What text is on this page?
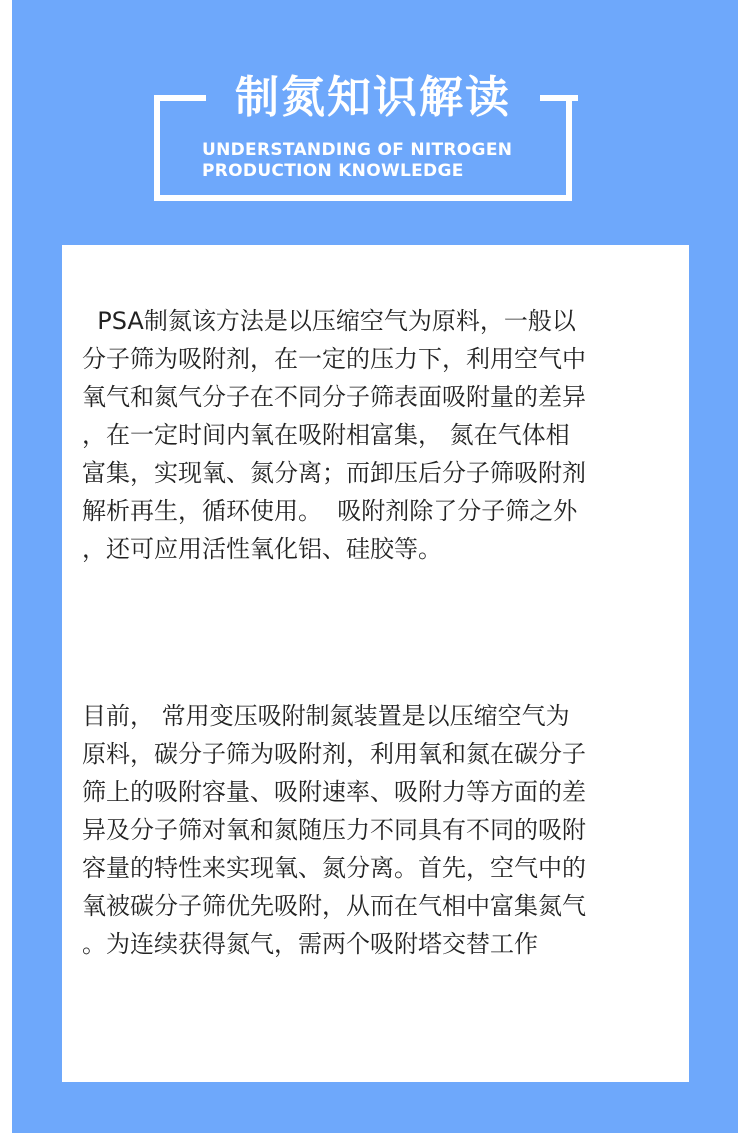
制氮知识解读
UNDERSTANDING OF NITROGEN
PRODUCTION KNOWLEDGE

PSA制氮该方法是以压缩空气为原料，一般以
分子筛为吸附剂，在一定的压力下，利用空气中
氧气和氮气分子在不同分子筛表面吸附量的差异
，在一定时间内氧在吸附相富集， 氮在气体相
富集，实现氧、氮分离；而卸压后分子筛吸附剂
解析再生，循环使用。  吸附剂除了分子筛之外
，还可应用活性氧化铝、硅胶等。

目前， 常用变压吸附制氮装置是以压缩空气为
原料，碳分子筛为吸附剂，利用氧和氮在碳分子
筛上的吸附容量、吸附速率、吸附力等方面的差
异及分子筛对氧和氮随压力不同具有不同的吸附
容量的特性来实现氧、氮分离。首先，空气中的
氧被碳分子筛优先吸附，从而在气相中富集氮气
。为连续获得氮气，需两个吸附塔交替工作
